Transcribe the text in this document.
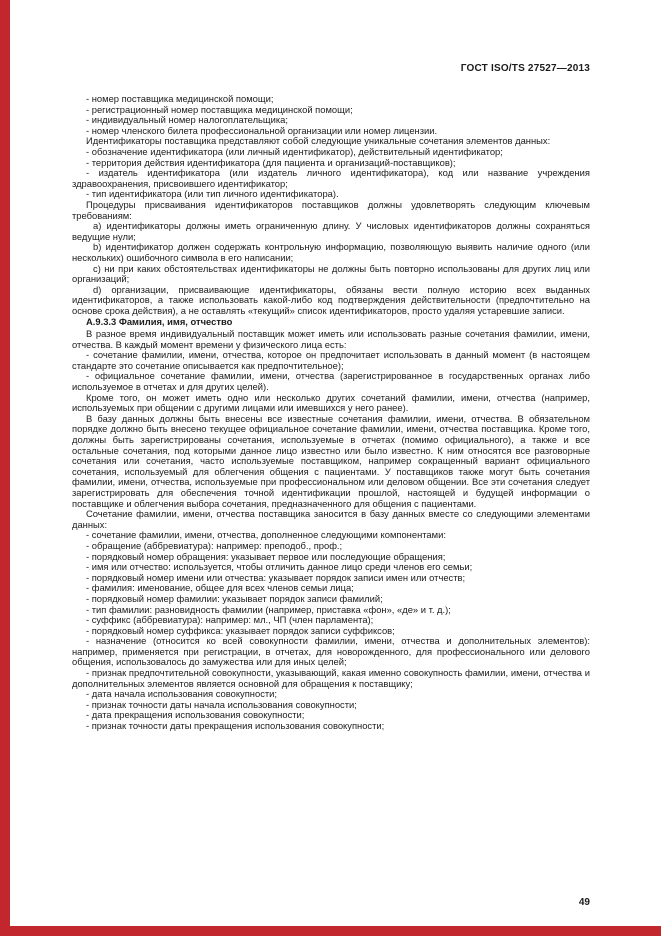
ГОСТ ISO/TS 27527—2013

- номер поставщика медицинской помощи;

- регистрационный номер поставщика медицинской помощи;

- индивидуальный номер налогоплательщика;

- номер членского билета профессиональной организации или номер лицензии.

Идентификаторы поставщика представляют собой следующие уникальные сочетания элементов данных:

- обозначение идентификатора (или личный идентификатор), действительный идентификатор;

- территория действия идентификатора (для пациента и организаций-поставщиков);

- издатель идентификатора (или издатель личного идентификатора), код или название учреждения здравоохранения, присвоившего идентификатор;

- тип идентификатора (или тип личного идентификатора).

Процедуры присваивания идентификаторов поставщиков должны удовлетворять следующим ключевым требованиям:

a) идентификаторы должны иметь ограниченную длину. У числовых идентификаторов должны сохраняться ведущие нули;

b) идентификатор должен содержать контрольную информацию, позволяющую выявить наличие одного (или нескольких) ошибочного символа в его написании;

c) ни при каких обстоятельствах идентификаторы не должны быть повторно использованы для других лиц или организаций;

d) организации, присваивающие идентификаторы, обязаны вести полную историю всех выданных идентификаторов, а также использовать какой-либо код подтверждения действительности (предпочтительно на основе срока действия), а не оставлять «текущий» список идентификаторов, просто удаляя устаревшие записи.

А.9.3.3 Фамилия, имя, отчество

В разное время индивидуальный поставщик может иметь или использовать разные сочетания фамилии, имени, отчества. В каждый момент времени у физического лица есть:

- сочетание фамилии, имени, отчества, которое он предпочитает использовать в данный момент (в настоящем стандарте это сочетание описывается как предпочтительное);

- официальное сочетание фамилии, имени, отчества (зарегистрированное в государственных органах либо используемое в отчетах и для других целей).

Кроме того, он может иметь одно или несколько других сочетаний фамилии, имени, отчества (например, используемых при общении с другими лицами или имевшихся у него ранее).

В базу данных должны быть внесены все известные сочетания фамилии, имени, отчества. В обязательном порядке должно быть внесено текущее официальное сочетание фамилии, имени, отчества поставщика. Кроме того, должны быть зарегистрированы сочетания, используемые в отчетах (помимо официального), а также и все остальные сочетания, под которыми данное лицо известно или было известно. К ним относятся все разговорные сочетания или сочетания, часто используемые поставщиком, например сокращенный вариант официального сочетания, используемый для облегчения общения с пациентами. У поставщиков также могут быть сочетания фамилии, имени, отчества, используемые при профессиональном или деловом общении. Все эти сочетания следует зарегистрировать для обеспечения точной идентификации прошлой, настоящей и будущей информации о поставщике и облегчения выбора сочетания, предназначенного для общения с пациентами.

Сочетание фамилии, имени, отчества поставщика заносится в базу данных вместе со следующими элементами данных:

- сочетание фамилии, имени, отчества, дополненное следующими компонентами:

- обращение (аббревиатура): например: преподоб., проф.;

- порядковый номер обращения: указывает первое или последующие обращения;

- имя или отчество: используется, чтобы отличить данное лицо среди членов его семьи;

- порядковый номер имени или отчества: указывает порядок записи имен или отчеств;

- фамилия: именование, общее для всех членов семьи лица;

- порядковый номер фамилии: указывает порядок записи фамилий;

- тип фамилии: разновидность фамилии (например, приставка «фон», «де» и т. д.);

- суффикс (аббревиатура): например: мл., ЧП (член парламента);

- порядковый номер суффикса: указывает порядок записи суффиксов;

- назначение (относится ко всей совокупности фамилии, имени, отчества и дополнительных элементов): например, применяется при регистрации, в отчетах, для новорожденного, для профессионального или делового общения, использовалось до замужества или для иных целей;

- признак предпочтительной совокупности, указывающий, какая именно совокупность фамилии, имени, отчества и дополнительных элементов является основной для обращения к поставщику;

- дата начала использования совокупности;

- признак точности даты начала использования совокупности;

- дата прекращения использования совокупности;

- признак точности даты прекращения использования совокупности;

49
